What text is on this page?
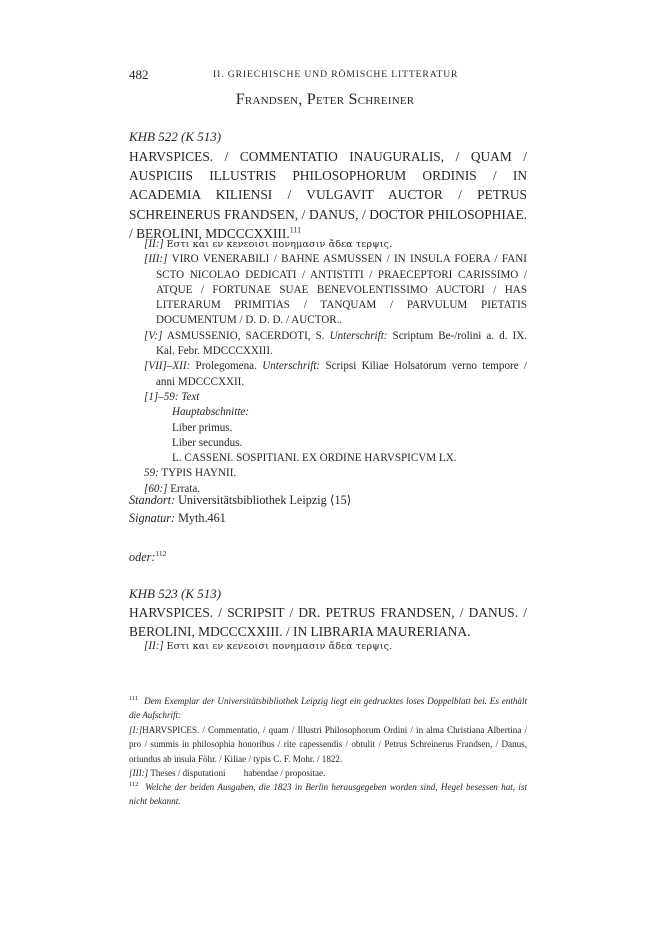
482	II. GRIECHISCHE UND RÖMISCHE LITTERATUR
Frandsen, Peter Schreiner
KHB 522 (K 513)

HARVSPICES. / COMMENTATIO INAUGURALIS, / QUAM / AUSPICIIS ILLUSTRIS PHILOSOPHORUM ORDINIS / IN ACADEMIA KILIENSI / VULGAVIT AUCTOR / PETRUS SCHREINERUS FRANDSEN, / DANUS, / DOCTOR PHILOSOPHIAE. / BEROLINI, MDCCCXXIII.$^{111}$

[II:] Εστι και εν κενεοισι πονημασιν ἄδεα τερψις.
[III:] VIRO VENERABILI / BAHNE ASMUSSEN / IN INSULA FOERA / FANI SCTO NICOLAO DEDICATI / ANTISTITI / PRAECEPTORI CARISSIMO / ATQUE / FORTUNAE SUAE BENEVOLENTISSIMO AUCTORI / HAS LITERARUM PRIMITIAS / TANQUAM / PARVULUM PIETATIS DOCUMENTUM / D. D. D. / AUCTOR..
[V:] ASMUSSENIO, SACERDOTI, S. Unterschrift: Scriptum Be-/rolini a. d. IX. Kal. Febr. MDCCCXXIII.
[VII]–XII: Prolegomena. Unterschrift: Scripsi Kiliae Holsatorum verno tempore / anni MDCCCXXII.
[1]–59: Text
Hauptabschnitte:
Liber primus.
Liber secundus.
L. CASSENI. SOSPITIANI. EX ORDINE HARVSPICVM LX.
59: TYPIS HAYNII.
[60:] Errata.

Standort: Universitätsbibliothek Leipzig ⟨15⟩

Signatur: Myth.461

oder:$^{112}$
KHB 523 (K 513)

HARVSPICES. / SCRIPSIT / DR. PETRUS FRANDSEN, / DANUS. / BEROLINI, MDCCCXXIII. / IN LIBRARIA MAURERIANA.

[II:] Εστι και εν κενεοισι πονημασιν ἄδεα τερψις.

$^{111}$ Dem Exemplar der Universitätsbibliothek Leipzig liegt ein gedrucktes loses Doppelblatt bei. Es enthält die Aufschrift:

[I:]HARVSPICES. / Commentatio, / quam / Illustri Philosophorum Ordini / in alma Christiana Albertina / pro / summis in philosophia honoribus / rite capessendis / obtulit / Petrus Schreinerus Frandsen, / Danus, oriundus ab insula Föhr. / Kiliae / typis C. F. Mohr. / 1822.

[III:] Theses / disputationi        habendae / propositae.

$^{112}$ Welche der beiden Ausgaben, die 1823 in Berlin herausgegeben worden sind, Hegel besessen hat, ist nicht bekannt.
